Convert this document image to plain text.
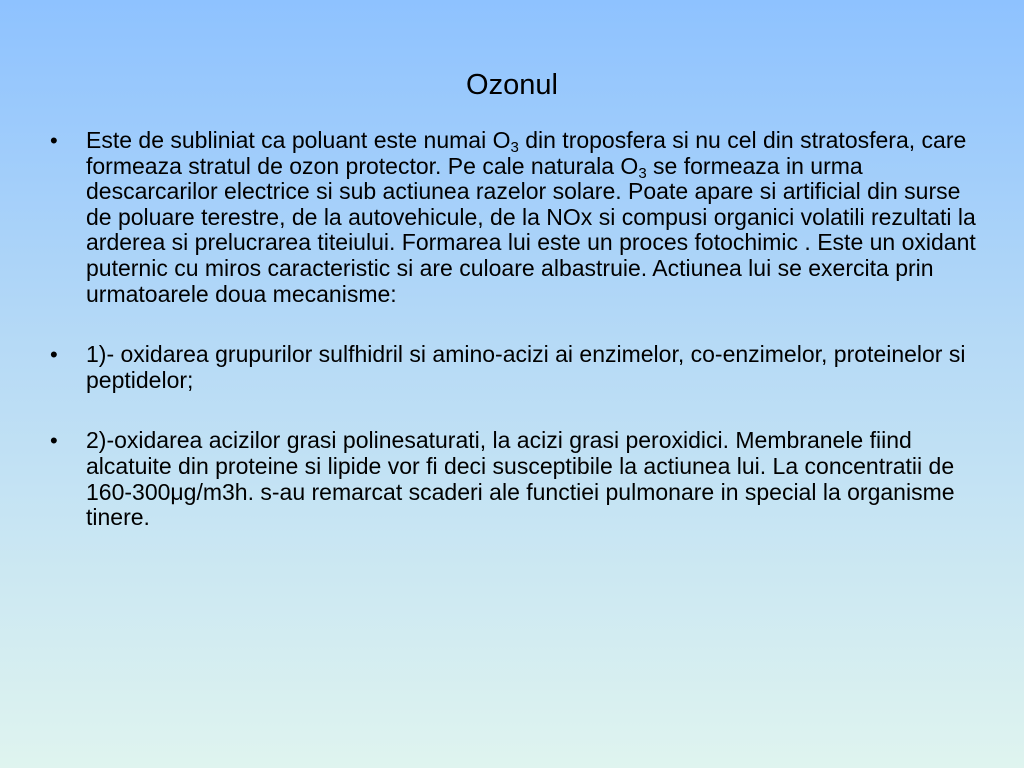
Ozonul
•	Este de subliniat ca poluant este numai $O_3$ din troposfera si nu cel din stratosfera, care formeaza stratul de ozon protector. Pe cale naturala $O_3$ se formeaza in urma descarcarilor electrice si sub actiunea razelor solare. Poate apare si artificial din surse de poluare terestre, de la autovehicule, de la NOx si compusi organici volatili rezultati la arderea si prelucrarea titeiului. Formarea lui este un proces fotochimic . Este un oxidant puternic cu miros caracteristic si are culoare albastruie. Actiunea lui se exercita prin urmatoarele doua mecanisme:
•	1)- oxidarea grupurilor sulfhidril si amino-acizi ai enzimelor, co-enzimelor, proteinelor si peptidelor;
•	2)-oxidarea acizilor grasi polinesaturati, la acizi grasi peroxidici. Membranele fiind alcatuite din proteine si lipide vor fi deci susceptibile la actiunea lui. La concentratii de 160-300μg/m3h. s-au remarcat scaderi ale functiei pulmonare in special la organisme tinere.
